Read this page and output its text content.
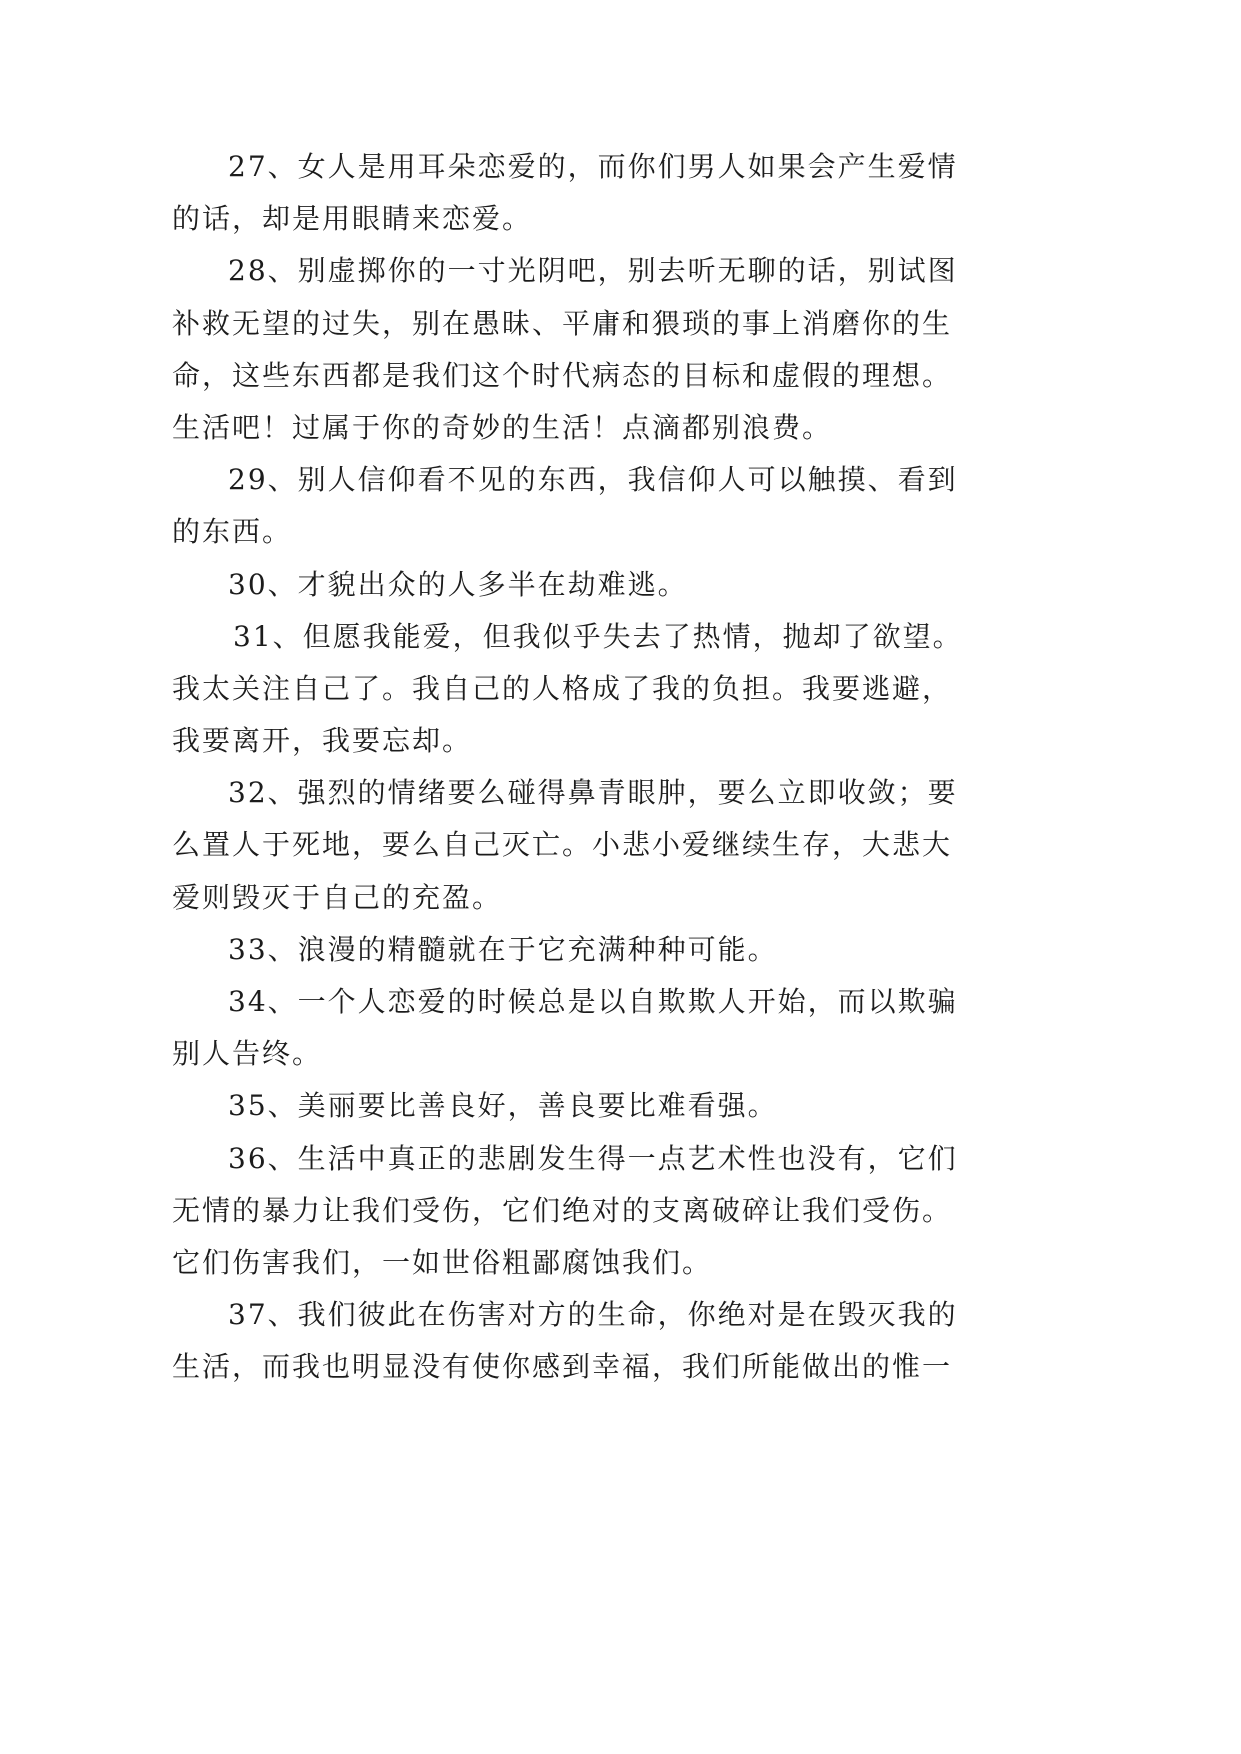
27、女人是用耳朵恋爱的，而你们男人如果会产生爱情
的话，却是用眼睛来恋爱。
28、别虚掷你的一寸光阴吧，别去听无聊的话，别试图
补救无望的过失，别在愚昧、平庸和猥琐的事上消磨你的生
命，这些东西都是我们这个时代病态的目标和虚假的理想。
生活吧！过属于你的奇妙的生活！点滴都别浪费。
29、别人信仰看不见的东西，我信仰人可以触摸、看到
的东西。
30、才貌出众的人多半在劫难逃。
31、但愿我能爱，但我似乎失去了热情，抛却了欲望。
我太关注自己了。我自己的人格成了我的负担。我要逃避，
我要离开，我要忘却。
32、强烈的情绪要么碰得鼻青眼肿，要么立即收敛；要
么置人于死地，要么自己灭亡。小悲小爱继续生存，大悲大
爱则毁灭于自己的充盈。
33、浪漫的精髓就在于它充满种种可能。
34、一个人恋爱的时候总是以自欺欺人开始，而以欺骗
别人告终。
35、美丽要比善良好，善良要比难看强。
36、生活中真正的悲剧发生得一点艺术性也没有，它们
无情的暴力让我们受伤，它们绝对的支离破碎让我们受伤。
它们伤害我们，一如世俗粗鄙腐蚀我们。
37、我们彼此在伤害对方的生命，你绝对是在毁灭我的
生活，而我也明显没有使你感到幸福，我们所能做出的惟一
